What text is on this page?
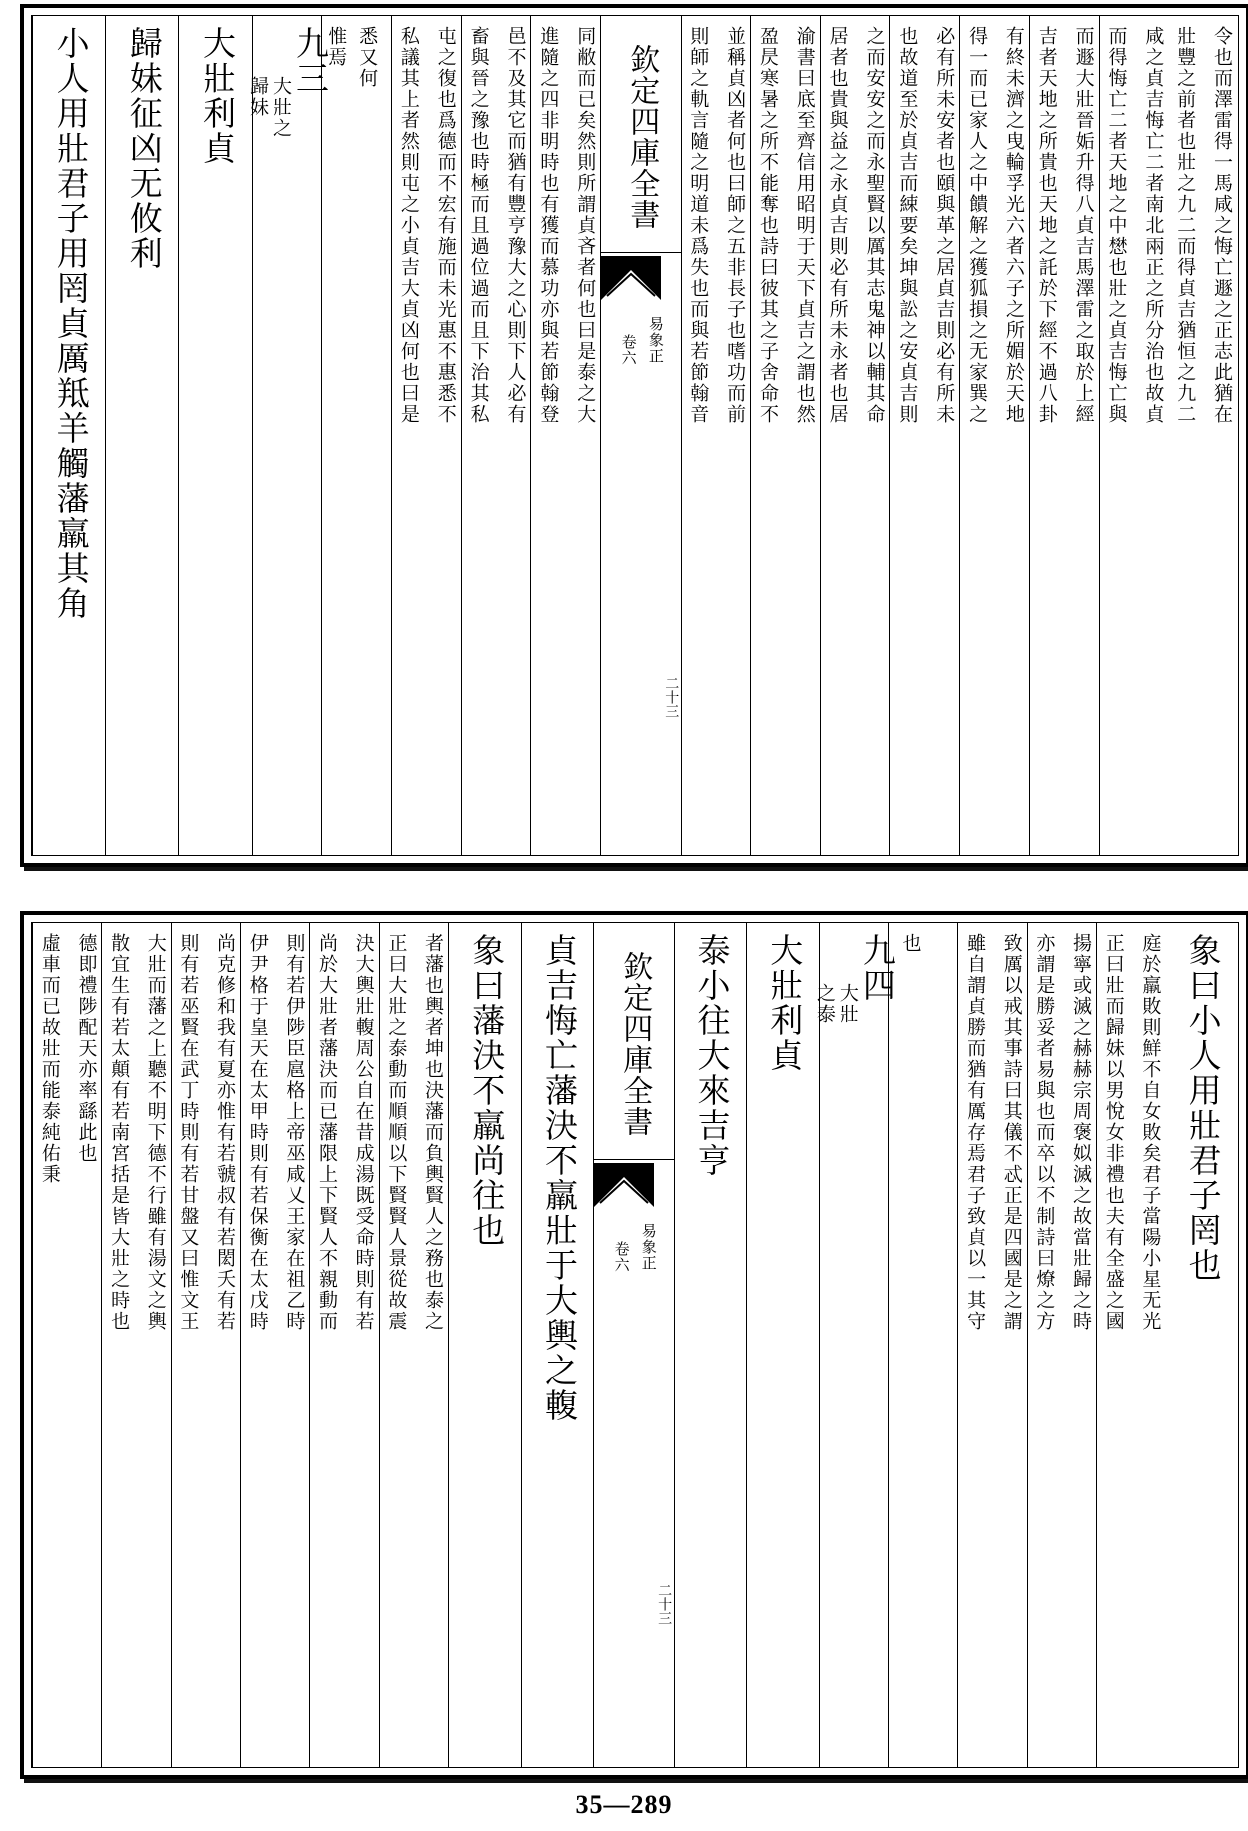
令也而澤雷得一馬咸之悔亡遯之正志此猶在
壯豐之前者也壯之九二而得貞吉猶恒之九二
咸之貞吉悔亡二者南北兩正之所分治也故貞
而得悔亡二者天地之中𢡟也壯之貞吉悔亡與
而遯大壯晉姤升得八貞吉馬澤雷之取於上經
吉者天地之所貴也天地之託於下經不過八卦
有終未濟之曳輪孚光六者六子之所媚於天地
得一而已家人之中饋解之獲狐損之无家巽之
必有所未安者也頤與革之居貞吉則必有所未
也故道至於貞吉而綀要矣坤與訟之安貞吉則
之而安安之而永聖賢以厲其志鬼神以輔其命
居者也貴與益之永貞吉則必有所未永者也居
渝書曰底至齊信用昭明于天下貞吉之謂也然
盈昃寒暑之所不能奪也詩曰彼其之子舍命不
並稱貞凶者何也曰師之五非長子也嗜功而前
則師之軌言隨之明道未爲失也而與若節翰音
欽定四庫全書
易象正
卷六
二十三
同敝而已矣然則所謂貞吝者何也曰是泰之大
進隨之四非明時也有獲而慕功亦與若節翰登
邑不及其它而猶有豐亨豫大之心則下人必有
畜與晉之豫也時極而且過位過而且下治其私
屯之復也爲德而不宏有施而未光惠不惠悉不
私議其上者然則屯之小貞吉大貞凶何也曰是
悉又何
惟焉
九三
大壯之
歸妹
大壯利貞
歸妹征凶无攸利
小人用壯君子用罔貞厲羝羊觸藩羸其角
象曰小人用壯君子罔也
庭於羸敗則鮮不自女敗矣君子當陽小星无光
正曰壯而歸妹以男悅女非禮也夫有全盛之國
揚寧或滅之赫赫宗周褒姒滅之故當壯歸之時
亦謂是勝妥者易與也而卒以不制詩曰燎之方
致厲以戒其事詩曰其儀不忒正是四國是之謂
雖自謂貞勝而猶有厲存焉君子致貞以一其守
也
九四
大壯
之泰
大壯利貞
泰小往大來吉亨
欽定四庫全書
易象正
卷六
二十三
貞吉悔亡藩決不羸壯于大輿之輹
象曰藩決不羸尚往也
者藩也輿者坤也決藩而負輿賢人之務也泰之
正曰大壯之泰動而順順以下賢賢人景從故震
決大輿壯輹周公自在昔成湯既受命時則有若
尚於大壯者藩決而已藩限上下賢人不親動而
則有若伊陟臣扈格上帝巫咸乂王家在祖乙時
伊尹格于皇天在太甲時則有若保衡在太戊時
尚克修和我有夏亦惟有若虢叔有若閎夭有若
則有若巫賢在武丁時則有若甘盤又曰惟文王
大壯而藩之上聽不明下德不行雖有湯文之輿
散宜生有若太顛有若南宮括是皆大壯之時也
德即禮陟配天亦率繇此也
虛車而已故壯而能泰純佑秉
35—289
